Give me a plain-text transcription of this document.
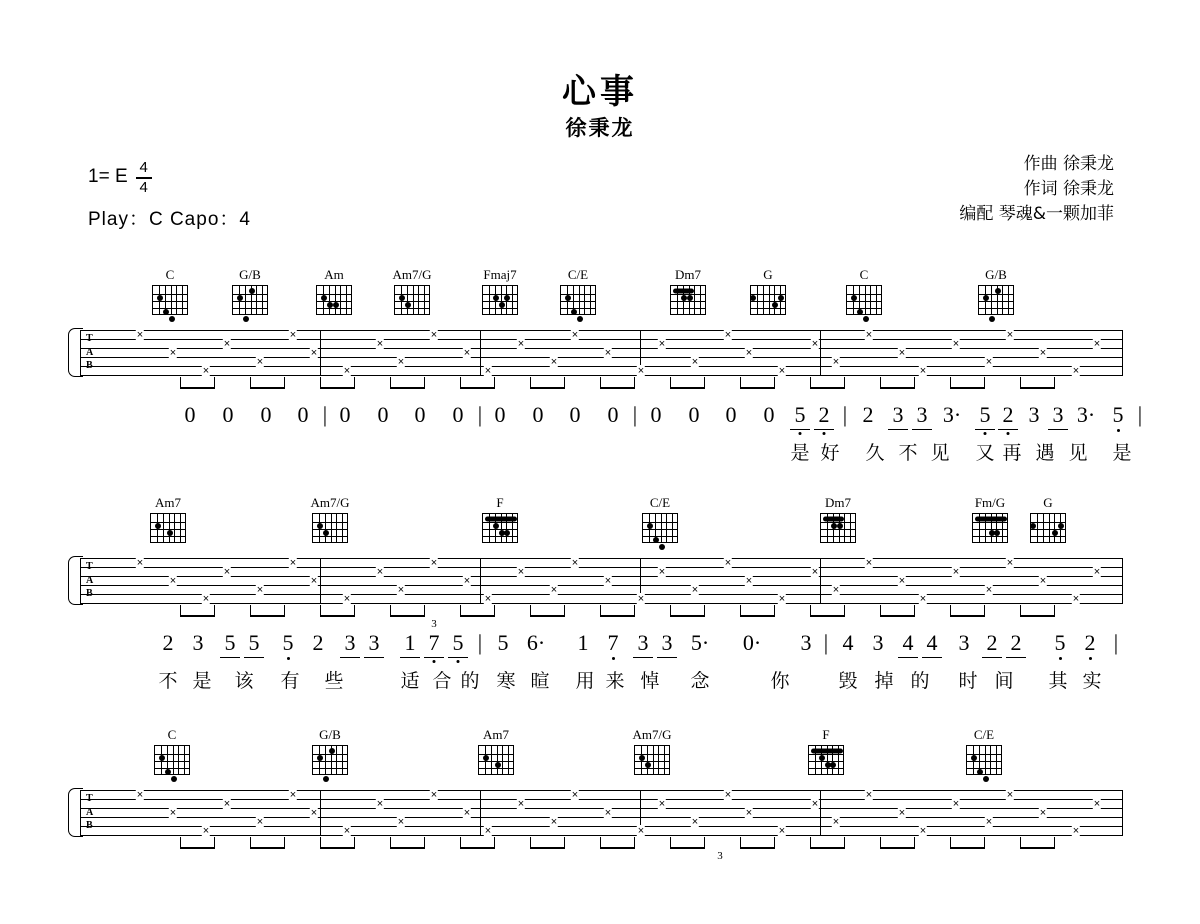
心事
徐秉龙
1= E $\frac{4}{4}$
Play：C Capo：4
作曲 徐秉龙
作词 徐秉龙
编配 琴魂&一颗加菲
C	G/B	Am	Am7/G	Fmaj7	C/E	Dm7	G	C	G/B
T
A
B
×
×
×
×
×
×
×
×
×
×
×
×
×
×
×
×
×
×
×
×
×
×
×
×
×
×
×
×
×
×
×
×
×
×
0 0 0 0 | 0 0 0 0 | 0 0 0 0 | 0 0 0 0 5 2 | 2 3 3 3· 5 2 3 3 3· 5 |
是 好 久 不 见 又 再 遇 见 是
Am7	Am7/G	F	C/E	Dm7	Fm/G	G
T
A
B
×
×
×
×
×
×
×
×
×
×
×
×
×
×
×
×
×
×
×
×
×
×
×
×
×
×
×
×
×
×
×
×
×
×
2 3 5 5 5 2 3 3 1 7 5 | 5 6· 1 7 3 3 5· 0· 3 | 4 3 4 4 3 2 2 5 2 |
3
不 是 该 有 些	适 合 的 寒 暄 用 来 悼 念	你	毁 掉 的 时 间 其 实
C	G/B	Am7	Am7/G	F	C/E
T
A
B
×
×
×
×
×
×
×
×
×
×
×
×
×
×
×
×
×
×
×
×
×
×
×
×
×
×
×
×
×
×
×
×
×
×
3
